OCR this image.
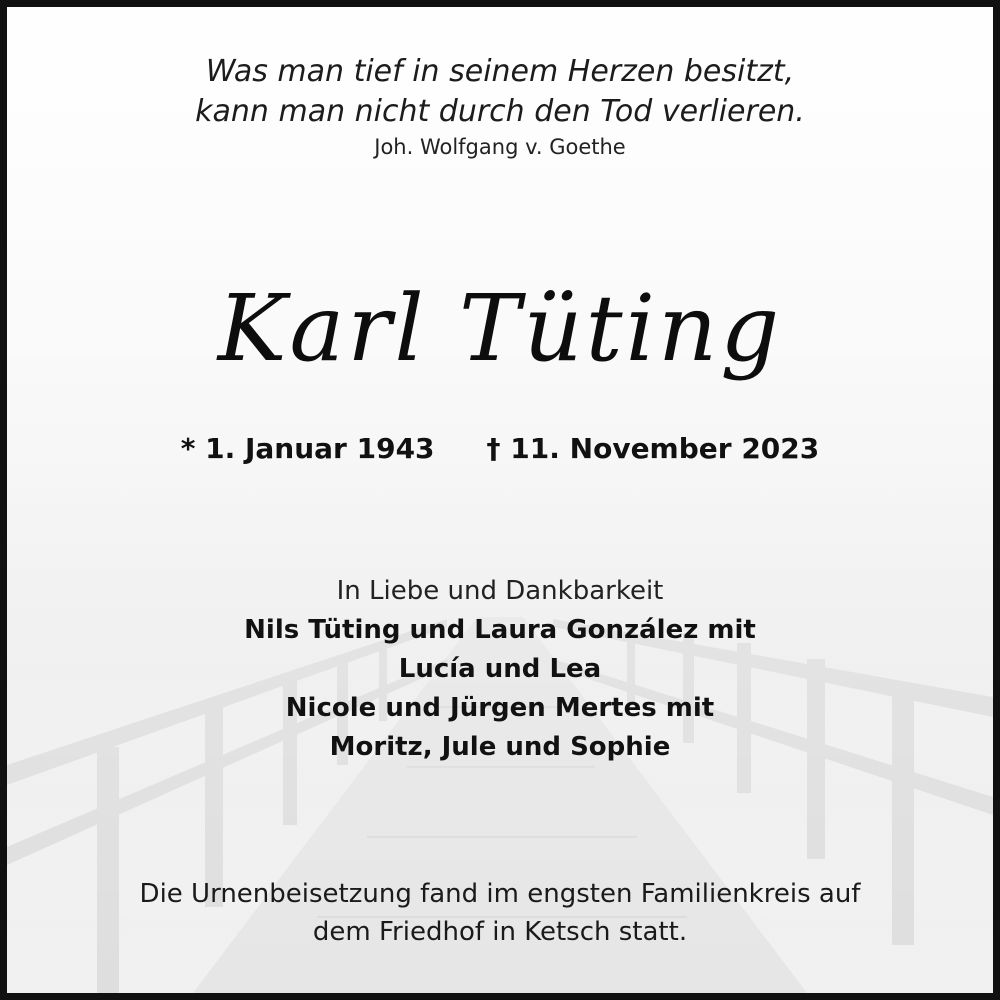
Was man tief in seinem Herzen besitzt,
kann man nicht durch den Tod verlieren.
Joh. Wolfgang v. Goethe
Karl Tüting
* 1. Januar 1943 † 11. November 2023
In Liebe und Dankbarkeit
Nils Tüting und Laura González mit
Lucía und Lea
Nicole und Jürgen Mertes mit
Moritz, Jule und Sophie
Die Urnenbeisetzung fand im engsten Familienkreis auf
dem Friedhof in Ketsch statt.
